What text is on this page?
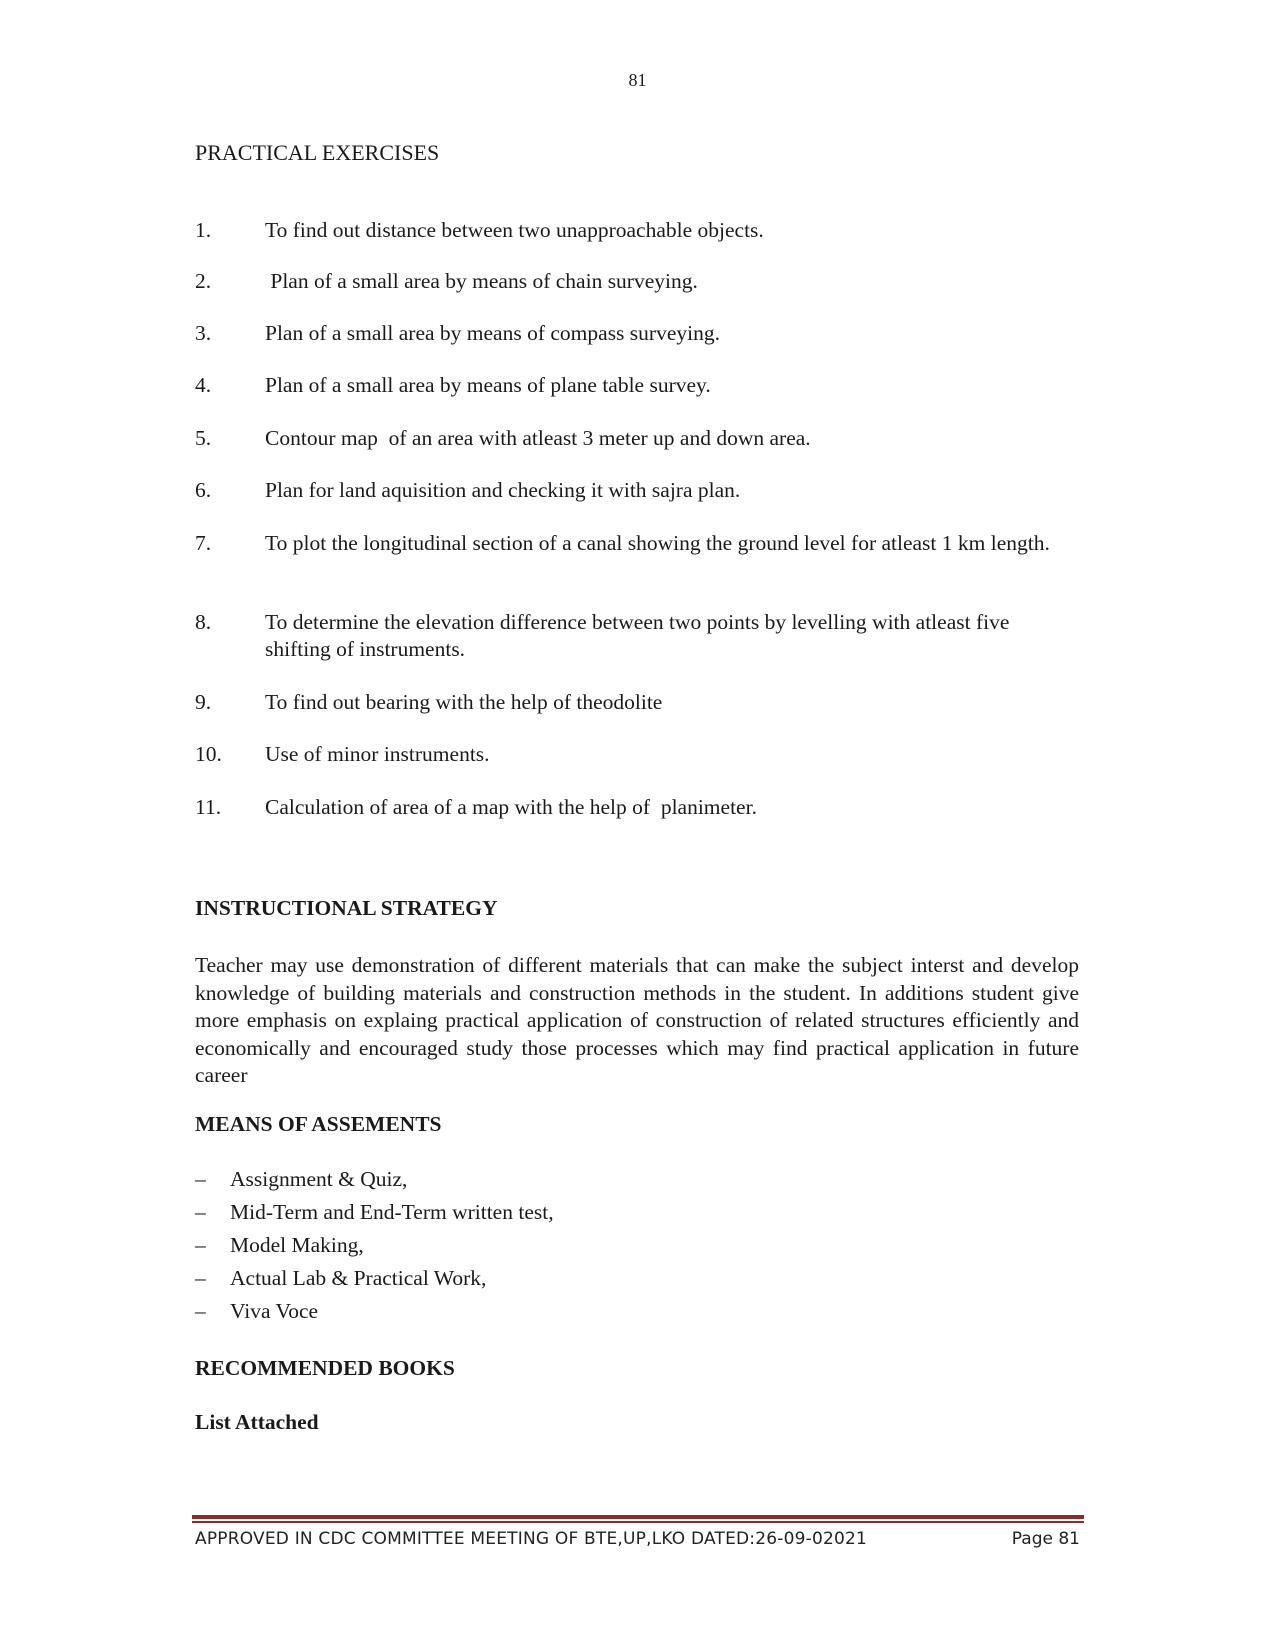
81
PRACTICAL EXERCISES
1.	To find out distance between two unapproachable objects.
2.	Plan of a small area by means of chain surveying.
3.	Plan of a small area by means of compass surveying.
4.	Plan of a small area by means of plane table survey.
5.	Contour map  of an area with atleast 3 meter up and down area.
6.	Plan for land aquisition and checking it with sajra plan.
7.	To plot the longitudinal section of a canal showing the ground level for atleast 1 km length.
8.	To determine the elevation difference between two points by levelling with atleast five shifting of instruments.
9.	To find out bearing with the help of theodolite
10. Use of minor instruments.
11. Calculation of area of a map with the help of  planimeter.
INSTRUCTIONAL STRATEGY
Teacher may use demonstration of different materials that can make the subject interst and develop knowledge of building materials and construction methods in the student. In additions student give more emphasis on explaing practical application of construction of related structures efficiently and economically and encouraged study those processes which may find practical application in future career
MEANS OF ASSEMENTS
– Assignment & Quiz,
– Mid-Term and End-Term written test,
– Model Making,
– Actual Lab & Practical Work,
– Viva Voce
RECOMMENDED BOOKS
List Attached
APPROVED IN CDC COMMITTEE MEETING OF BTE,UP,LKO DATED:26-09-02021	Page 81
